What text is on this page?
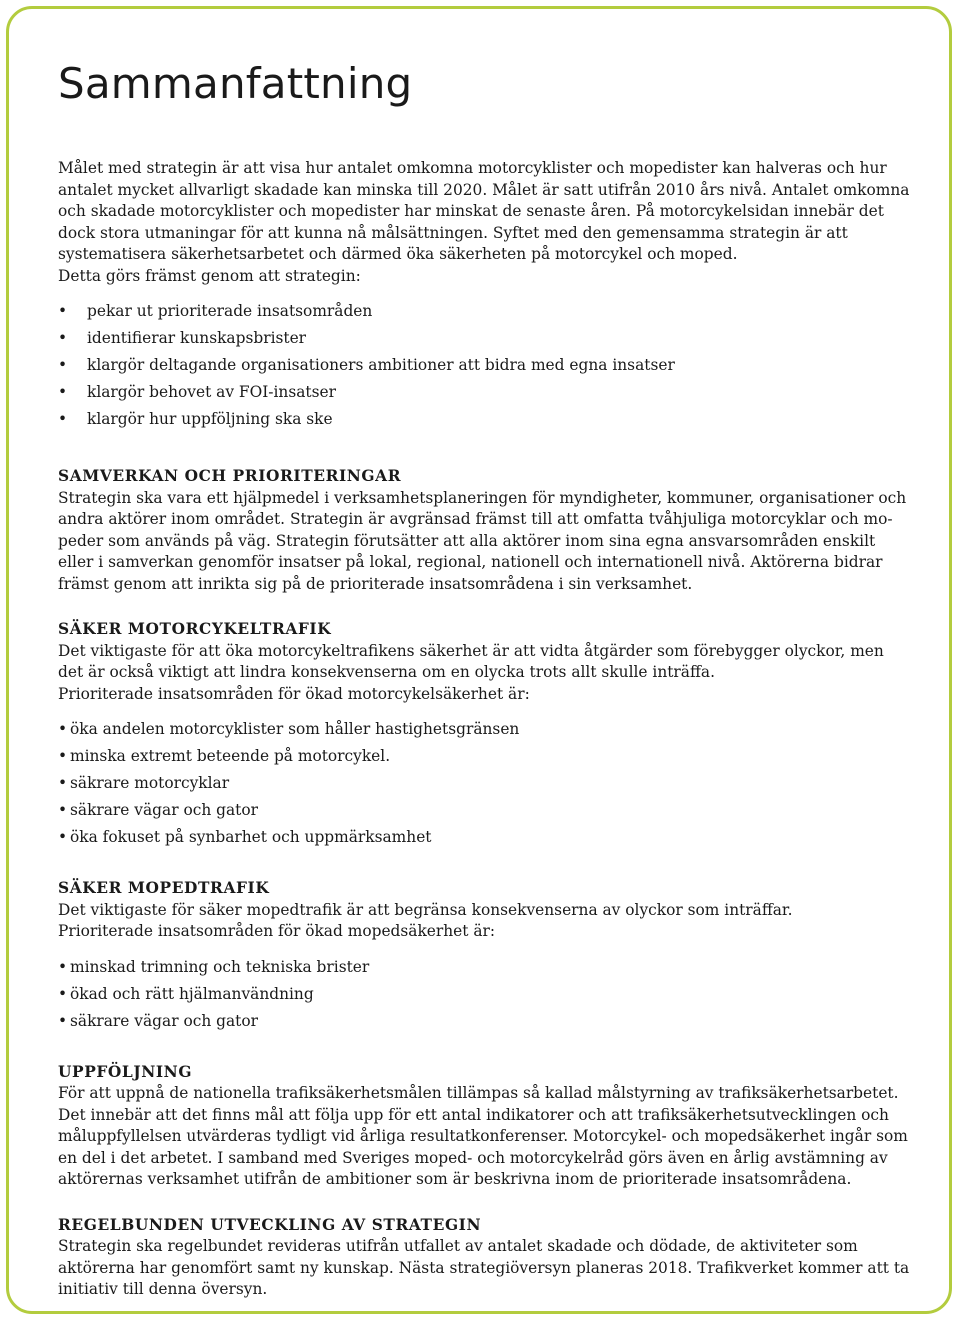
Sammanfattning

Målet med strategin är att visa hur antalet omkomna motorcyklister och mopedister kan halveras och hur antalet mycket allvarligt skadade kan minska till 2020. Målet är satt utifrån 2010 års nivå. Antalet omkomna och skadade motorcyklister och mopedister har minskat de senaste åren. På motorcykelsidan innebär det dock stora utmaningar för att kunna nå målsättningen. Syftet med den gemensamma strategin är att systematisera säkerhetsarbetet och därmed öka säkerheten på motorcykel och moped.

Detta görs främst genom att strategin:

• pekar ut prioriterade insatsområden
• identifierar kunskapsbrister
• klargör deltagande organisationers ambitioner att bidra med egna insatser
• klargör behovet av FOI-insatser
• klargör hur uppföljning ska ske
SAMVERKAN OCH PRIORITERINGAR

Strategin ska vara ett hjälpmedel i verksamhetsplaneringen för myndigheter, kommuner, organisationer och andra aktörer inom området. Strategin är avgränsad främst till att omfatta tvåhjuliga motorcyklar och mopeder som används på väg. Strategin förutsätter att alla aktörer inom sina egna ansvarsområden enskilt eller i samverkan genomför insatser på lokal, regional, nationell och internationell nivå. Aktörerna bidrar främst genom att inrikta sig på de prioriterade insatsområdena i sin verksamhet.

SÄKER MOTORCYKELTRAFIK

Det viktigaste för att öka motorcykeltrafikens säkerhet är att vidta åtgärder som förebygger olyckor, men det är också viktigt att lindra konsekvenserna om en olycka trots allt skulle inträffa.

Prioriterade insatsområden för ökad motorcykelsäkerhet är:

• öka andelen motorcyklister som håller hastighetsgränsen
• minska extremt beteende på motorcykel.
• säkrare motorcyklar
• säkrare vägar och gator
• öka fokuset på synbarhet och uppmärksamhet
SÄKER MOPEDTRAFIK

Det viktigaste för säker mopedtrafik är att begränsa konsekvenserna av olyckor som inträffar.

Prioriterade insatsområden för ökad mopedsäkerhet är:

• minskad trimning och tekniska brister
• ökad och rätt hjälmanvändning
• säkrare vägar och gator
UPPFÖLJNING

För att uppnå de nationella trafiksäkerhetsmålen tillämpas så kallad målstyrning av trafiksäkerhetsarbetet. Det innebär att det finns mål att följa upp för ett antal indikatorer och att trafiksäkerhetsutvecklingen och måluppfyllelsen utvärderas tydligt vid årliga resultatkonferenser. Motorcykel- och mopedsäkerhet ingår som en del i det arbetet. I samband med Sveriges moped- och motorcykelråd görs även en årlig avstämning av aktörernas verksamhet utifrån de ambitioner som är beskrivna inom de prioriterade insatsområdena.

REGELBUNDEN UTVECKLING AV STRATEGIN

Strategin ska regelbundet revideras utifrån utfallet av antalet skadade och dödade, de aktiviteter som aktörerna har genomfört samt ny kunskap. Nästa strategiöversyn planeras 2018. Trafikverket kommer att ta initiativ till denna översyn.
